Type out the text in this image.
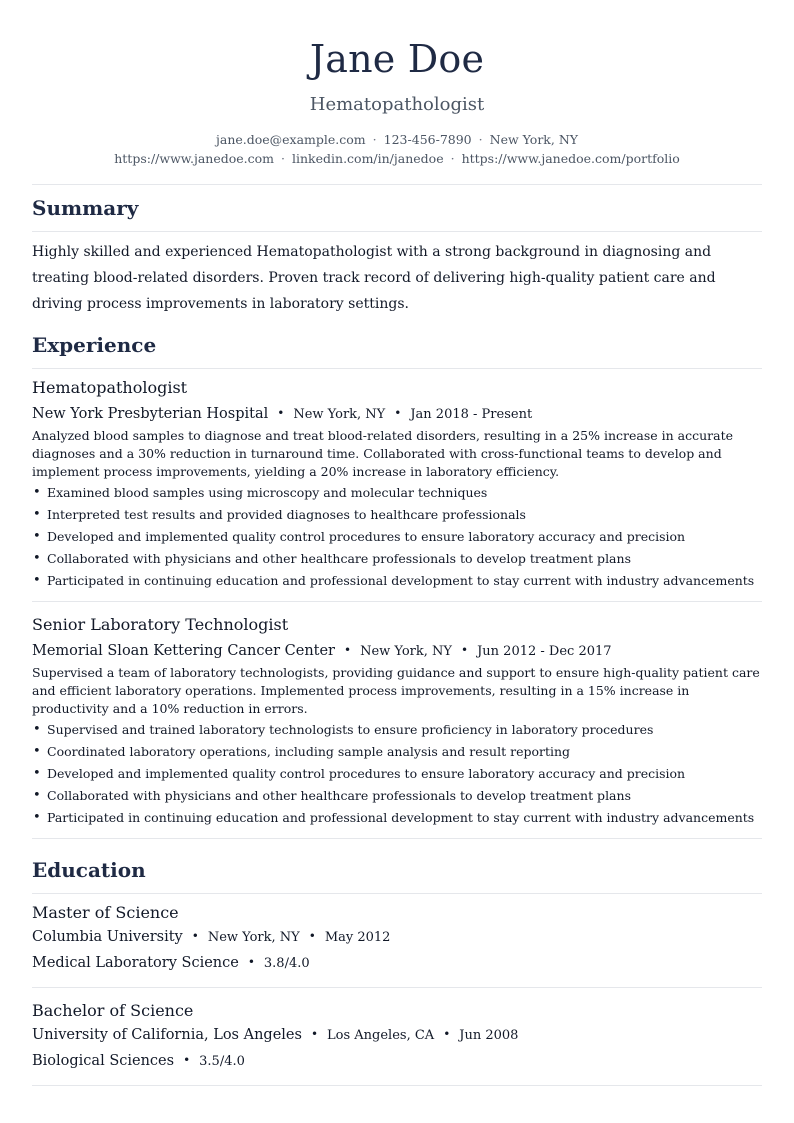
Jane Doe
Hematopathologist
jane.doe@example.com · 123-456-7890 · New York, NY
https://www.janedoe.com · linkedin.com/in/janedoe · https://www.janedoe.com/portfolio
Summary

Highly skilled and experienced Hematopathologist with a strong background in diagnosing and treating blood-related disorders. Proven track record of delivering high-quality patient care and driving process improvements in laboratory settings.

Experience
Hematopathologist
New York Presbyterian Hospital • New York, NY • Jan 2018 - Present

Analyzed blood samples to diagnose and treat blood-related disorders, resulting in a 25% increase in accurate diagnoses and a 30% reduction in turnaround time. Collaborated with cross-functional teams to develop and implement process improvements, yielding a 20% increase in laboratory efficiency.

• Examined blood samples using microscopy and molecular techniques
• Interpreted test results and provided diagnoses to healthcare professionals
• Developed and implemented quality control procedures to ensure laboratory accuracy and precision
• Collaborated with physicians and other healthcare professionals to develop treatment plans
• Participated in continuing education and professional development to stay current with industry advancements
Senior Laboratory Technologist
Memorial Sloan Kettering Cancer Center • New York, NY • Jun 2012 - Dec 2017

Supervised a team of laboratory technologists, providing guidance and support to ensure high-quality patient care and efficient laboratory operations. Implemented process improvements, resulting in a 15% increase in productivity and a 10% reduction in errors.

• Supervised and trained laboratory technologists to ensure proficiency in laboratory procedures
• Coordinated laboratory operations, including sample analysis and result reporting
• Developed and implemented quality control procedures to ensure laboratory accuracy and precision
• Collaborated with physicians and other healthcare professionals to develop treatment plans
• Participated in continuing education and professional development to stay current with industry advancements
Education
Master of Science
Columbia University • New York, NY • May 2012
Medical Laboratory Science • 3.8/4.0
Bachelor of Science
University of California, Los Angeles • Los Angeles, CA • Jun 2008
Biological Sciences • 3.5/4.0
